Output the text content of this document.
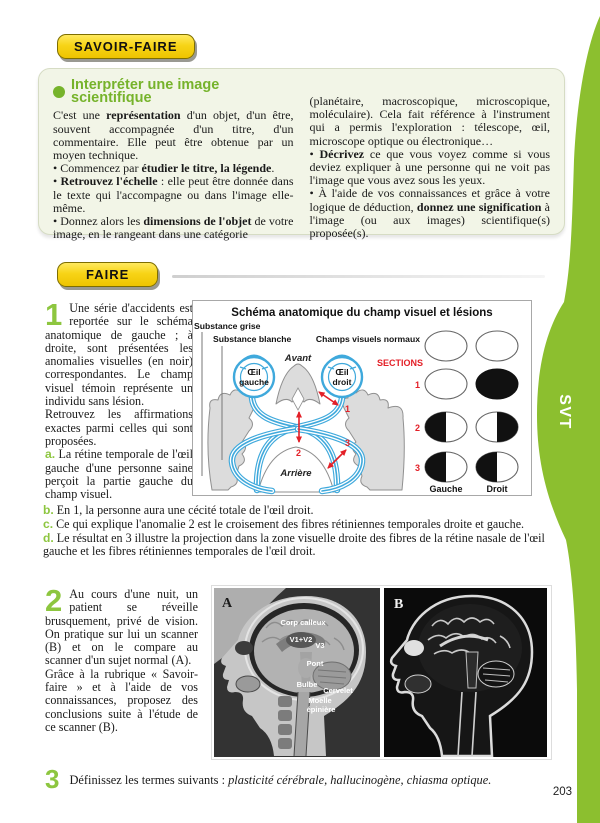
SAVOIR-FAIRE
Interpréter une image scientifique

C'est une représentation d'un objet, d'un être, souvent accompagnée d'un titre, d'un commentaire. Elle peut être obtenue par un moyen technique.

• Commencez par étudier le titre, la légende.

• Retrouvez l'échelle : elle peut être donnée dans le texte qui l'accompagne ou dans l'image elle-même.

• Donnez alors les dimensions de l'objet de votre image, en le rangeant dans une catégorie

(planétaire, macroscopique, microscopique, moléculaire). Cela fait référence à l'instrument qui a permis l'exploration : télescope, œil, microscope optique ou électronique…

• Décrivez ce que vous voyez comme si vous deviez expliquer à une personne qui ne voit pas l'image que vous avez sous les yeux.

• À l'aide de vos connaissances et grâce à votre logique de déduction, donnez une signification à l'image (ou aux images) scientifique(s) proposée(s).

FAIRE
1 Une série d'accidents est reportée sur le schéma anatomique de gauche ; à droite, sont présentées les anomalies visuelles (en noir) correspondantes. Le champ visuel témoin représente un individu sans lésion.

Retrouvez les affirmations exactes parmi celles qui sont proposées.

a. La rétine temporale de l'œil gauche d'une personne saine perçoit la partie gauche du champ visuel.

Schéma anatomique du champ visuel et lésions
Œil
gauche
Œil
droit
Substance grise
Substance blanche
Avant
Arrière
1
2
3
Champs visuels normaux
SECTIONS
1
2
3
Gauche	Droit

b. En 1, la personne aura une cécité totale de l'œil droit.

c. Ce qui explique l'anomalie 2 est le croisement des fibres rétiniennes temporales droite et gauche.

d. Le résultat en 3 illustre la projection dans la zone visuelle droite des fibres de la rétine nasale de l'œil gauche et les fibres rétiniennes temporales de l'œil droit.

2 Au cours d'une nuit, un patient se réveille brusquement, privé de vision. On pratique sur lui un scanner (B) et on le compare au scanner d'un sujet normal (A).

Grâce à la rubrique « Savoir-faire » et à l'aide de vos connaissances, proposez des conclusions suite à l'étude de ce scanner (B).

Corp calleux
V1+V2
V3
Pont
Cervelet
Bulbe
Moelle
épinière
A	B
3 Définissez les termes suivants : plasticité cérébrale, hallucinogène, chiasma optique.
203
SVT
